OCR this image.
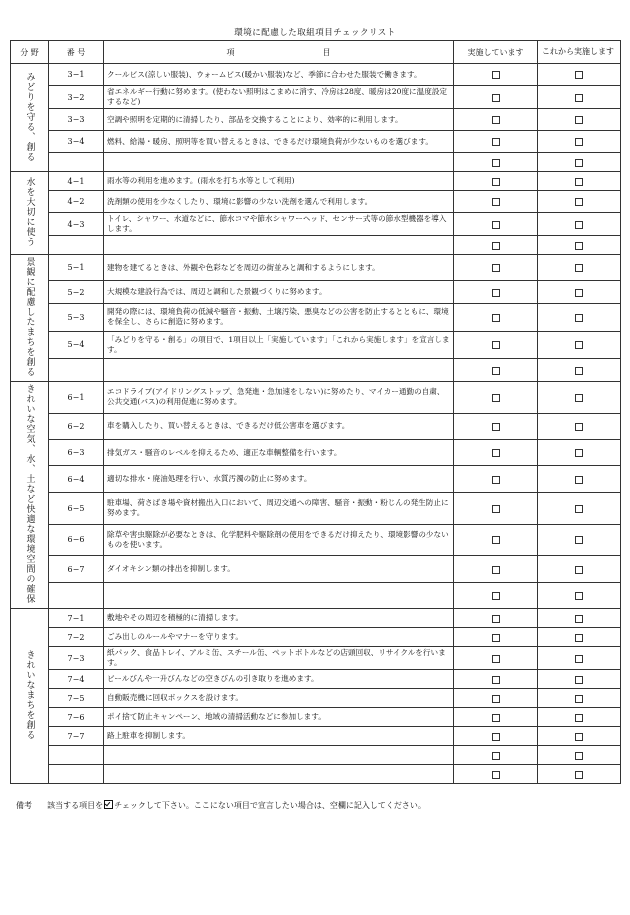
環境に配慮した取組項目チェックリスト
分 野	番 号	項　　　　　　　　　　　目	実施しています	これから実施します
みどりを守る、創る	3−1	クールビス(涼しい服装)、ウォームビス(暖かい服装)など、季節に合わせた服装で働きます。		
	3−2	省エネルギー行動に努めます。(使わない照明はこまめに消す、冷房は28度、暖房は20度に温度設定するなど)		
	3−3	空調や照明を定期的に清掃したり、部品を交換することにより、効率的に利用します。		
	3−4	燃料、給湯・暖房、照明等を買い替えるときは、できるだけ環境負荷が少ないものを選びます。		

水を大切に使う	4−1	雨水等の利用を進めます。(雨水を打ち水等として利用)		
	4−2	洗剤類の使用を少なくしたり、環境に影響の少ない洗剤を選んで利用します。		
	4−3	トイレ、シャワー、水道などに、節水コマや節水シャワーヘッド、センサー式等の節水型機器を導入します。		

景観に配慮したまちを創る	5−1	建物を建てるときは、外観や色彩などを周辺の街並みと調和するようにします。		
	5−2	大規模な建設行為では、周辺と調和した景観づくりに努めます。		
	5−3	開発の際には、環境負荷の低減や騒音・振動、土壌汚染、悪臭などの公害を防止するとともに、環境を保全し、さらに創造に努めます。		
	5−4	「みどりを守る・創る」の項目で、1項目以上「実施しています」「これから実施します」を宣言します。		

きれいな空気、水、土など快適な環境空間の確保	6−1	エコドライブ(アイドリングストップ、急発進・急加速をしない)に努めたり、マイカー通勤の自粛、公共交通(バス)の利用促進に努めます。		
	6−2	車を購入したり、買い替えるときは、できるだけ低公害車を選びます。		
	6−3	排気ガス・騒音のレベルを抑えるため、適正な車輌整備を行います。		
	6−4	適切な排水・廃油処理を行い、水質汚濁の防止に努めます。		
	6−5	駐車場、荷さばき場や資材搬出入口において、周辺交通への障害、騒音・振動・粉じんの発生防止に努めます。		
	6−6	除草や害虫駆除が必要なときは、化学肥料や駆除剤の使用をできるだけ抑えたり、環境影響の少ないものを使います。		
	6−7	ダイオキシン類の排出を抑制します。		

きれいなまちを創る	7−1	敷地やその周辺を積極的に清掃します。		
	7−2	ごみ出しのルールやマナーを守ります。		
	7−3	紙パック、食品トレイ、アルミ缶、スチール缶、ペットボトルなどの店頭回収、リサイクルを行います。		
	7−4	ビールびんや一升びんなどの空きびんの引き取りを進めます。		
	7−5	自動販売機に回収ボックスを設けます。		
	7−6	ポイ捨て防止キャンペーン、地域の清掃活動などに参加します。		
	7−7	路上駐車を抑制します。		

備考 該当する項目を チェックして下さい。ここにない項目で宣言したい場合は、空欄に記入してください。
